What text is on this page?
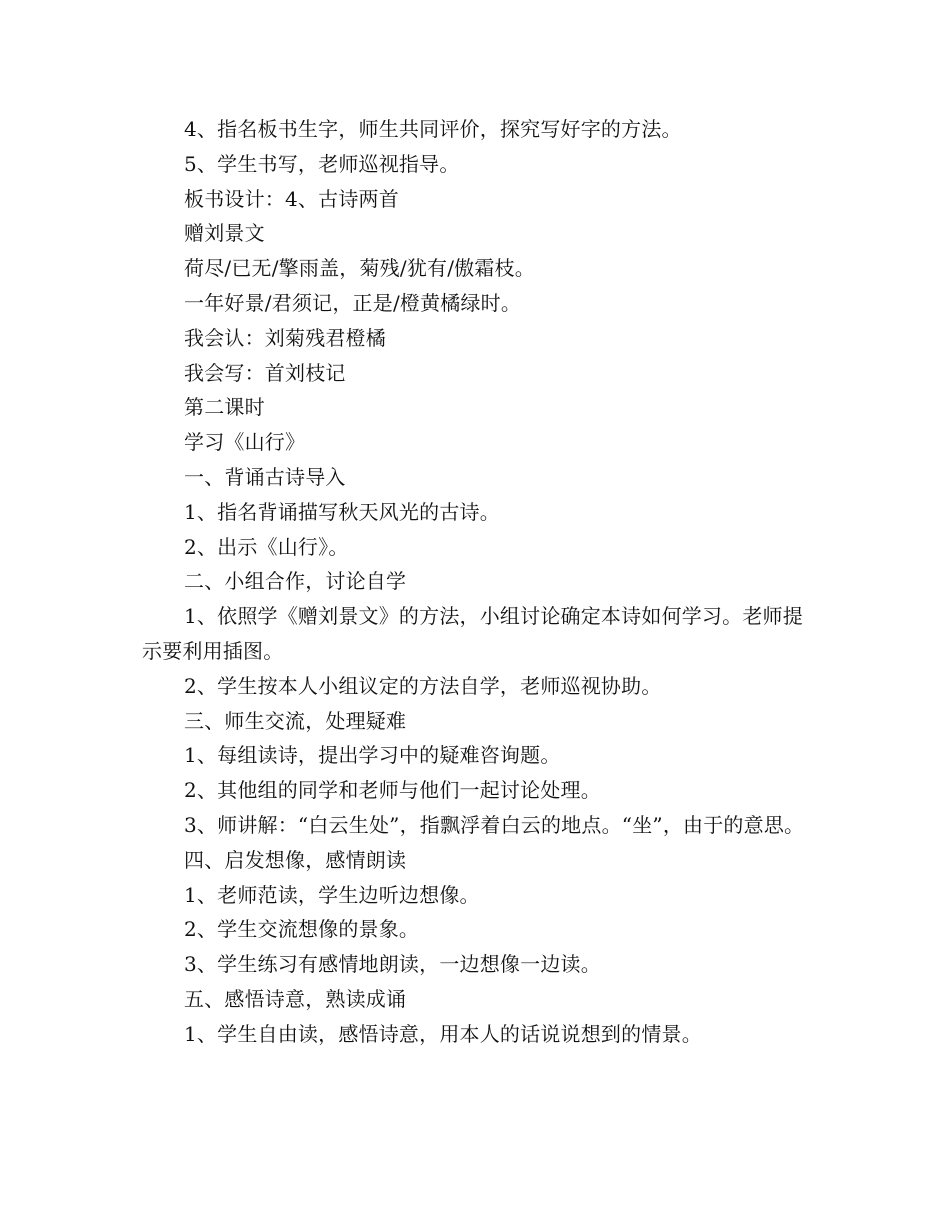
4、指名板书生字，师生共同评价，探究写好字的方法。
5、学生书写，老师巡视指导。
板书设计：4、古诗两首
赠刘景文
荷尽/已无/擎雨盖，菊残/犹有/傲霜枝。
一年好景/君须记，正是/橙黄橘绿时。
我会认：刘菊残君橙橘
我会写：首刘枝记
第二课时
学习《山行》
一、背诵古诗导入
1、指名背诵描写秋天风光的古诗。
2、出示《山行》。
二、小组合作，讨论自学
1、依照学《赠刘景文》的方法，小组讨论确定本诗如何学习。老师提示要利用插图。
2、学生按本人小组议定的方法自学，老师巡视协助。
三、师生交流，处理疑难
1、每组读诗，提出学习中的疑难咨询题。
2、其他组的同学和老师与他们一起讨论处理。
3、师讲解：“白云生处”，指飘浮着白云的地点。“坐”，由于的意思。
四、启发想像，感情朗读
1、老师范读，学生边听边想像。
2、学生交流想像的景象。
3、学生练习有感情地朗读，一边想像一边读。
五、感悟诗意，熟读成诵
1、学生自由读，感悟诗意，用本人的话说说想到的情景。
